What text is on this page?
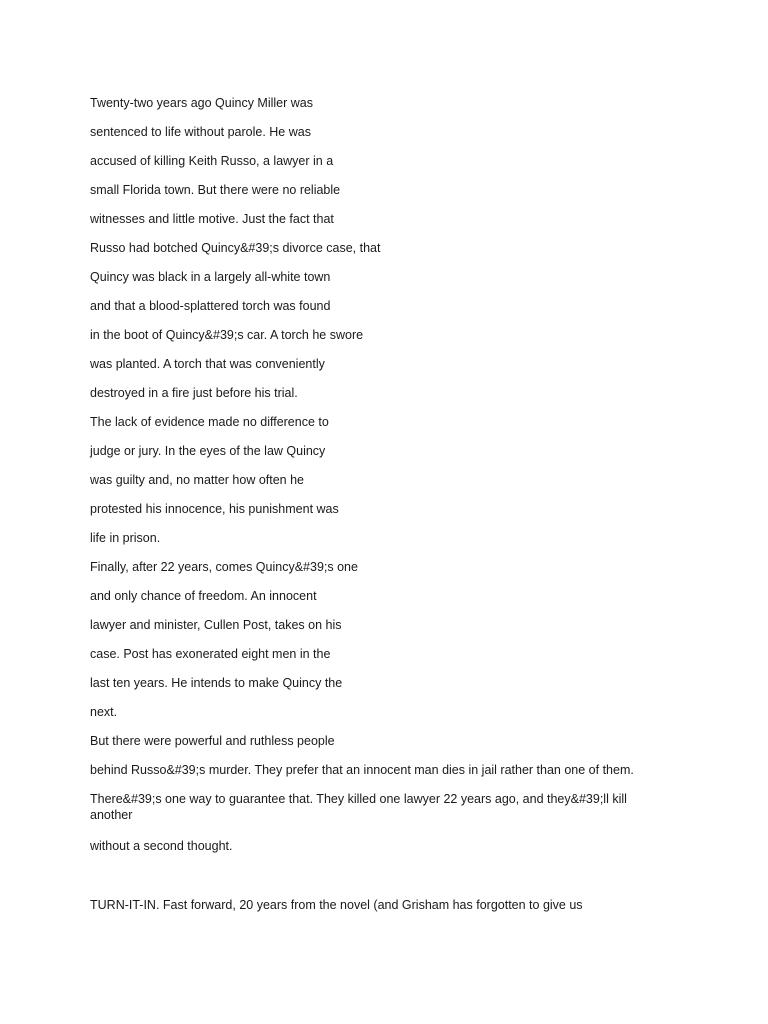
Twenty-two years ago Quincy Miller was

sentenced to life without parole. He was

accused of killing Keith Russo, a lawyer in a

small Florida town. But there were no reliable

witnesses and little motive. Just the fact that

Russo had botched Quincy&#39;s divorce case, that

Quincy was black in a largely all-white town

and that a blood-splattered torch was found

in the boot of Quincy&#39;s car. A torch he swore

was planted. A torch that was conveniently

destroyed in a fire just before his trial.

The lack of evidence made no difference to

judge or jury. In the eyes of the law Quincy

was guilty and, no matter how often he

protested his innocence, his punishment was

life in prison.

Finally, after 22 years, comes Quincy&#39;s one

and only chance of freedom. An innocent

lawyer and minister, Cullen Post, takes on his

case. Post has exonerated eight men in the

last ten years. He intends to make Quincy the

next.

But there were powerful and ruthless people

behind Russo&#39;s murder. They prefer that an innocent man dies in jail rather than one of them.

There&#39;s one way to guarantee that. They killed one lawyer 22 years ago, and they&#39;ll kill another

without a second thought.

TURN-IT-IN. Fast forward, 20 years from the novel (and Grisham has forgotten to give us
